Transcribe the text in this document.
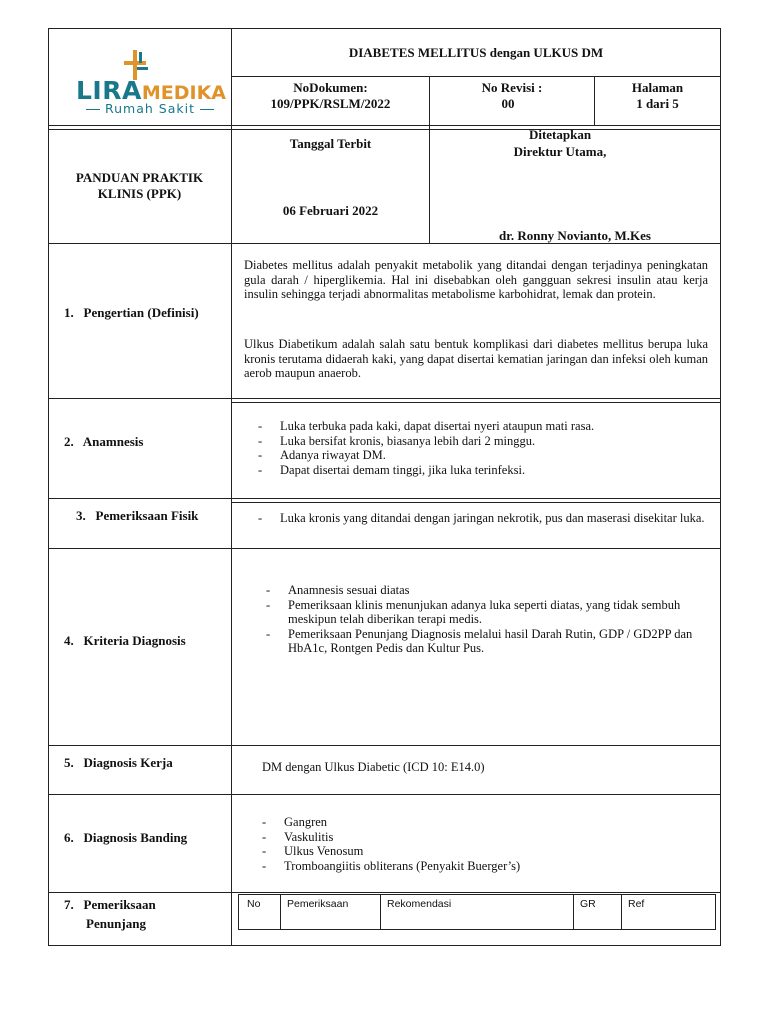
LIRAMEDIKA
Rumah Sakit
DIABETES MELLITUS dengan ULKUS DM
NoDokumen:
109/PPK/RSLM/2022
No Revisi :
00
Halaman
1 dari 5
PANDUAN PRAKTIK
KLINIS (PPK)
Tanggal Terbit
06 Februari 2022
Ditetapkan
Direktur Utama,
dr. Ronny Novianto, M.Kes
1.   Pengertian (Definisi)
Diabetes mellitus adalah penyakit metabolik yang ditandai dengan terjadinya peningkatan gula darah / hiperglikemia. Hal ini disebabkan oleh gangguan sekresi insulin atau kerja insulin sehingga terjadi abnormalitas metabolisme karbohidrat, lemak dan protein.
Ulkus Diabetikum adalah salah satu bentuk komplikasi dari diabetes mellitus berupa luka kronis terutama didaerah kaki, yang dapat disertai kematian jaringan dan infeksi oleh kuman aerob maupun anaerob.
2.   Anamnesis
- Luka terbuka pada kaki, dapat disertai nyeri ataupun mati rasa.
- Luka bersifat kronis, biasanya lebih dari 2 minggu.
- Adanya riwayat DM.
- Dapat disertai demam tinggi, jika luka terinfeksi.
3.   Pemeriksaan Fisik
-	Luka kronis yang ditandai dengan jaringan nekrotik, pus dan maserasi disekitar luka.
4.   Kriteria Diagnosis
- Anamnesis sesuai diatas
- Pemeriksaan klinis menunjukan adanya luka seperti diatas, yang tidak sembuh meskipun telah diberikan terapi medis.
- Pemeriksaan Penunjang Diagnosis melalui hasil Darah Rutin, GDP / GD2PP dan HbA1c, Rontgen Pedis dan Kultur Pus.
5.   Diagnosis Kerja	DM dengan Ulkus Diabetic (ICD 10: E14.0)
6.   Diagnosis Banding
- Gangren
- Vaskulitis
- Ulkus Venosum
- Tromboangiitis obliterans (Penyakit Buerger’s)
7.   Pemeriksaan
Penunjang
No	Pemeriksaan	Rekomendasi	GR	Ref
